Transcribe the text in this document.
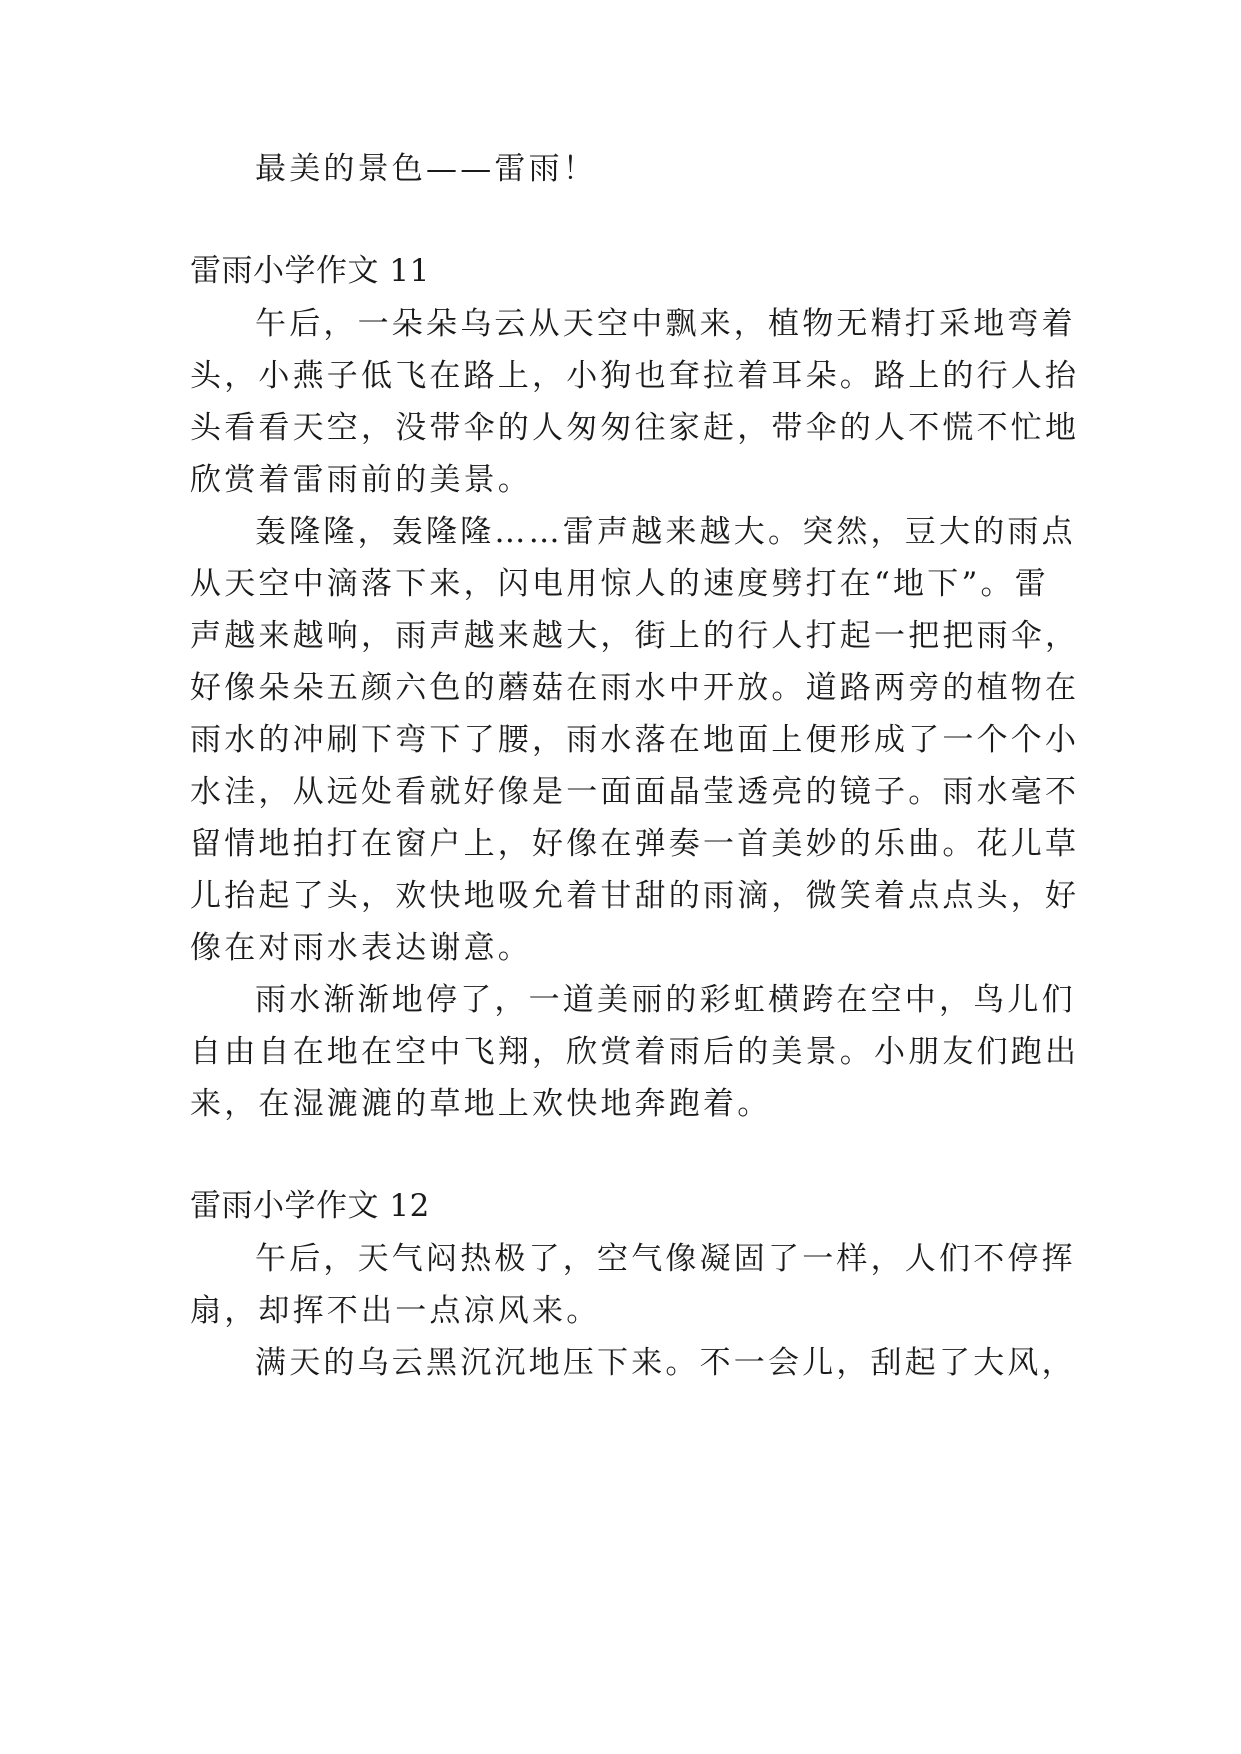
最美的景色——雷雨！
雷雨小学作文 11
午后，一朵朵乌云从天空中飘来，植物无精打采地弯着
头，小燕子低飞在路上，小狗也耷拉着耳朵。路上的行人抬
头看看天空，没带伞的人匆匆往家赶，带伞的人不慌不忙地
欣赏着雷雨前的美景。
轰隆隆，轰隆隆……雷声越来越大。突然，豆大的雨点
从天空中滴落下来，闪电用惊人的速度劈打在“地下”。雷
声越来越响，雨声越来越大，街上的行人打起一把把雨伞，
好像朵朵五颜六色的蘑菇在雨水中开放。道路两旁的植物在
雨水的冲刷下弯下了腰，雨水落在地面上便形成了一个个小
水洼，从远处看就好像是一面面晶莹透亮的镜子。雨水毫不
留情地拍打在窗户上，好像在弹奏一首美妙的乐曲。花儿草
儿抬起了头，欢快地吸允着甘甜的雨滴，微笑着点点头，好
像在对雨水表达谢意。
雨水渐渐地停了，一道美丽的彩虹横跨在空中，鸟儿们
自由自在地在空中飞翔，欣赏着雨后的美景。小朋友们跑出
来，在湿漉漉的草地上欢快地奔跑着。
雷雨小学作文 12
午后，天气闷热极了，空气像凝固了一样，人们不停挥
扇，却挥不出一点凉风来。
满天的乌云黑沉沉地压下来。不一会儿，刮起了大风，
